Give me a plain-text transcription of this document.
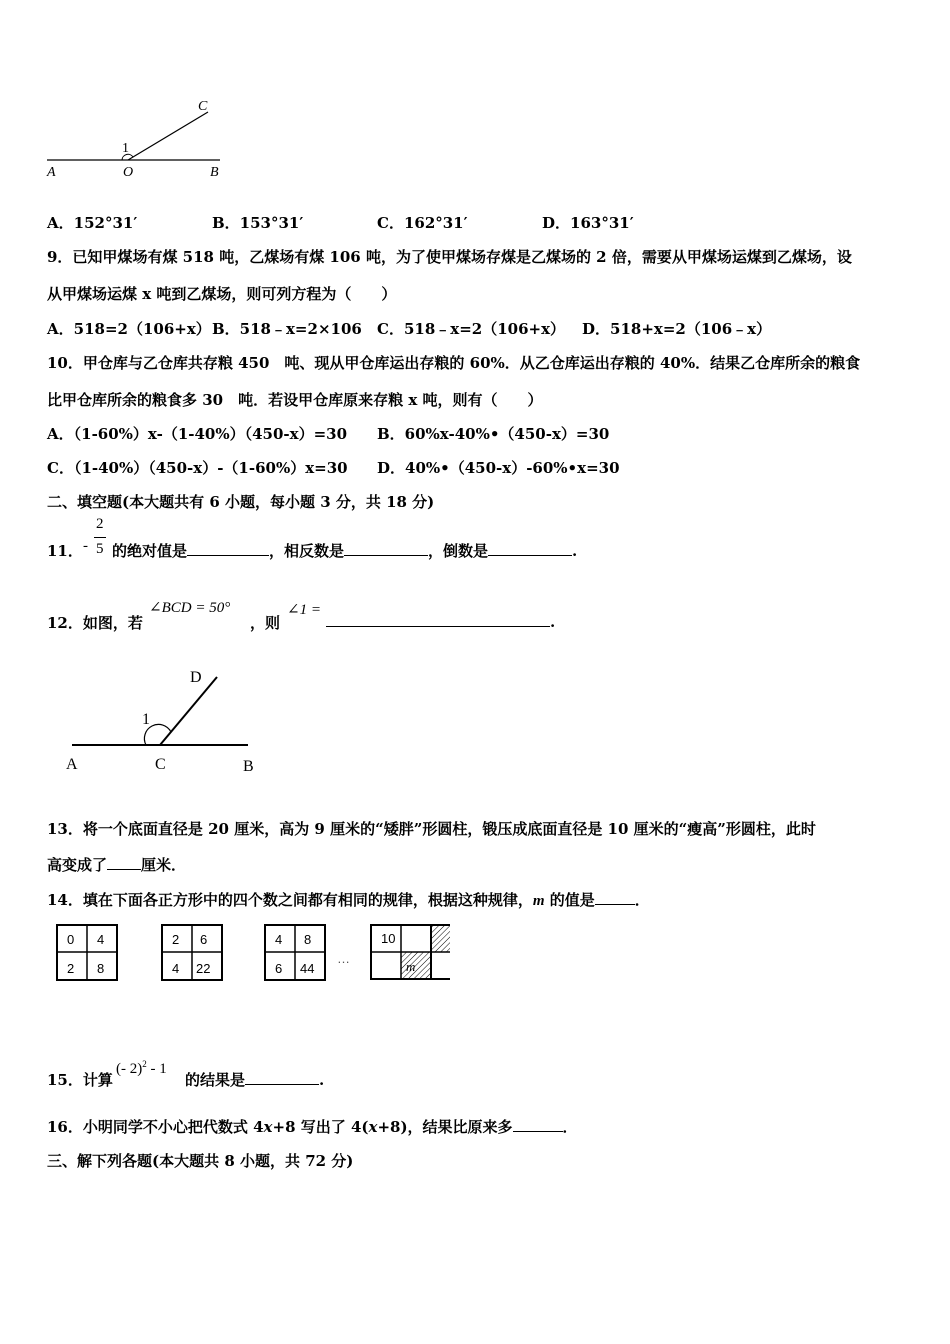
A	O	B
C
1
A．152°31′	B．153°31′	C．162°31′	D．163°31′
9．已知甲煤场有煤 518 吨，乙煤场有煤 106 吨，为了使甲煤场存煤是乙煤场的 2 倍，需要从甲煤场运煤到乙煤场，设
从甲煤场运煤 x 吨到乙煤场，则可列方程为（　　）
A．518=2（106+x） B．518﹣x=2×106 C．518﹣x=2（106+x） D．518+x=2（106﹣x）
10．甲仓库与乙仓库共存粮 450　吨、现从甲仓库运出存粮的 60%．从乙仓库运出存粮的 40%．结果乙仓库所余的粮食
比甲仓库所余的粮食多 30　吨．若设甲仓库原来存粮 x 吨，则有（　　）
A．（1-60%）x-（1-40%）（450-x）=30 B．60%x-40%•（450-x）=30
C．（1-40%）（450-x）-（1-60%）x=30 D．40%•（450-x）-60%•x=30
二、填空题(本大题共有 6 小题，每小题 3 分，共 18 分)
11． -
2
5 的绝对值是	，相反数是	，倒数是	.
12．如图，若
∠BCD = 50°
，则
∠1 =
.
D
1
A	C	B
13．将一个底面直径是 20 厘米，高为 9 厘米的“矮胖”形圆柱，锻压成底面直径是 10 厘米的“瘦高”形圆柱，此时
高变成了 厘米．
14．填在下面各正方形中的四个数之间都有相同的规律，根据这种规律，m 的值是	．
0 4
2 8
2 6
4 22
4 8
6 44
…
10
m
15．计算
(- 2)$^2$ - 1
的结果是	.
16．小明同学不小心把代数式 4x+8 写出了 4(x+8)，结果比原来多	．
三、解下列各题(本大题共 8 小题，共 72 分)
